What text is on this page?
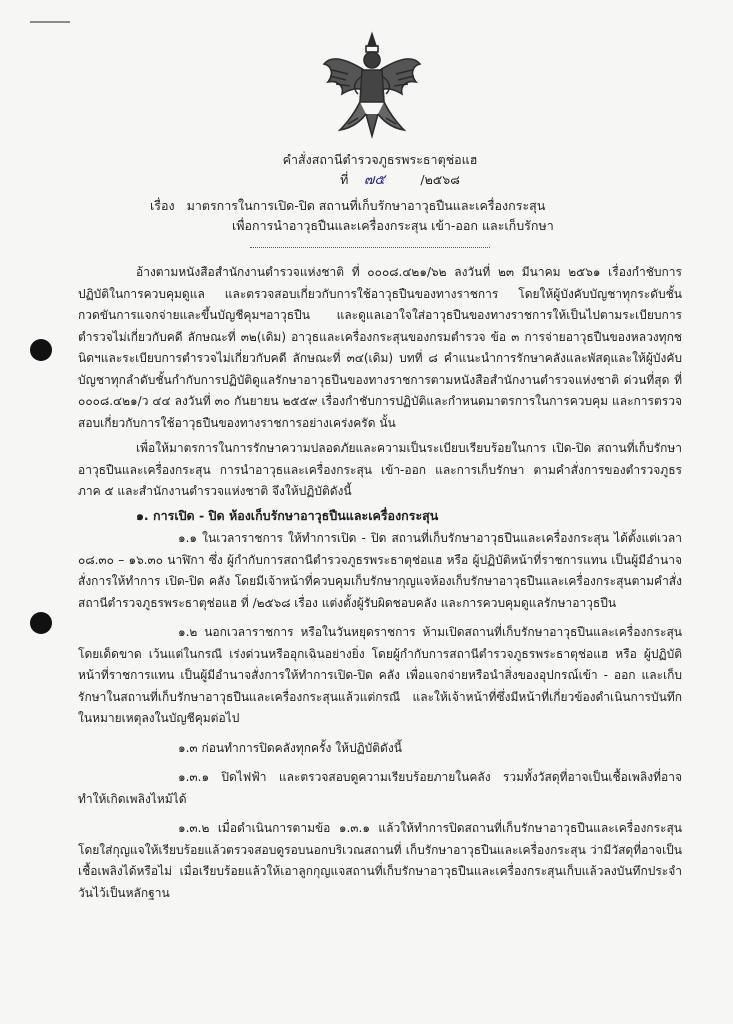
คำสั่งสถานีตำรวจภูธรพระธาตุช่อแฮ
ที่ ๗๕	/๒๕๖๘
เรื่อง มาตรการในการเปิด-ปิด สถานที่เก็บรักษาอาวุธปืนและเครื่องกระสุน
เพื่อการนำอาวุธปืนและเครื่องกระสุน เข้า-ออก และเก็บรักษา

อ้างตามหนังสือสำนักงานตำรวจแห่งชาติ ที่ ๐๐๐๘.๔๒๑/๖๒ ลงวันที่ ๒๓ มีนาคม ๒๕๖๑ เรื่องกำชับการปฏิบัติในการควบคุมดูแล และตรวจสอบเกี่ยวกับการใช้อาวุธปืนของทางราชการ โดยให้ผู้บังคับบัญชาทุกระดับชั้นกวดขันการแจกจ่ายและขึ้นบัญชีคุมฯอาวุธปืน และดูแลเอาใจใส่อาวุธปืนของทางราชการให้เป็นไปตามระเบียบการตำรวจไม่เกี่ยวกับคดี ลักษณะที่ ๓๒(เดิม) อาวุธและเครื่องกระสุนของกรมตำรวจ ข้อ ๓ การจ่ายอาวุธปืนของหลวงทุกชนิดฯและระเบียบการตำรวจไม่เกี่ยวกับคดี ลักษณะที่ ๓๔(เดิม) บทที่ ๘ คำแนะนำการรักษาคลังและพัสดุและให้ผู้บังคับบัญชาทุกลำดับชั้นกำกับการปฏิบัติดูแลรักษาอาวุธปืนของทางราชการตามหนังสือสำนักงานตำรวจแห่งชาติ ด่วนที่สุด ที่ ๐๐๐๘.๔๒๑/ว ๔๔ ลงวันที่ ๓๐ กันยายน ๒๕๕๙ เรื่องกำชับการปฏิบัติและกำหนดมาตรการในการควบคุม และการตรวจสอบเกี่ยวกับการใช้อาวุธปืนของทางราชการอย่างเคร่งครัด นั้น

เพื่อให้มาตรการในการรักษาความปลอดภัยและความเป็นระเบียบเรียบร้อยในการ เปิด-ปิด สถานที่เก็บรักษาอาวุธปืนและเครื่องกระสุน การนำอาวุธและเครื่องกระสุน เข้า-ออก และการเก็บรักษา ตามคำสั่งการของตำรวจภูธรภาค ๕ และสำนักงานตำรวจแห่งชาติ จึงให้ปฏิบัติดังนี้

๑. การเปิด - ปิด ห้องเก็บรักษาอาวุธปืนและเครื่องกระสุน

๑.๑ ในเวลาราชการ ให้ทำการเปิด - ปิด สถานที่เก็บรักษาอาวุธปืนและเครื่องกระสุน ได้ตั้งแต่เวลา ๐๘.๓๐ – ๑๖.๓๐ นาฬิกา ซึ่ง ผู้กำกับการสถานีตำรวจภูธรพระธาตุช่อแฮ หรือ ผู้ปฏิบัติหน้าที่ราชการแทน เป็นผู้มีอำนาจสั่งการให้ทำการ เปิด-ปิด คลัง โดยมีเจ้าหน้าที่ควบคุมเก็บรักษากุญแจห้องเก็บรักษาอาวุธปืนและเครื่องกระสุนตามคำสั่งสถานีตำรวจภูธรพระธาตุช่อแฮ ที่ /๒๕๖๘ เรื่อง แต่งตั้งผู้รับผิดชอบคลัง และการควบคุมดูแลรักษาอาวุธปืน

๑.๒ นอกเวลาราชการ หรือในวันหยุดราชการ ห้ามเปิดสถานที่เก็บรักษาอาวุธปืนและเครื่องกระสุนโดยเด็ดขาด เว้นแต่ในกรณี เร่งด่วนหรืออุกเฉินอย่างยิ่ง โดยผู้กำกับการสถานีตำรวจภูธรพระธาตุช่อแฮ หรือ ผู้ปฏิบัติหน้าที่ราชการแทน เป็นผู้มีอำนาจสั่งการให้ทำการเปิด-ปิด คลัง เพื่อแจกจ่ายหรือนำสิ่งของอุปกรณ์เข้า - ออก และเก็บรักษาในสถานที่เก็บรักษาอาวุธปืนและเครื่องกระสุนแล้วแต่กรณี และให้เจ้าหน้าที่ซึ่งมีหน้าที่เกี่ยวข้องดำเนินการบันทึกในหมายเหตุลงในบัญชีคุมต่อไป

๑.๓ ก่อนทำการปิดคลังทุกครั้ง ให้ปฏิบัติดังนี้

๑.๓.๑ ปิดไฟฟ้า และตรวจสอบดูความเรียบร้อยภายในคลัง รวมทั้งวัสดุที่อาจเป็นเชื้อเพลิงที่อาจทำให้เกิดเพลิงไหม้ได้

๑.๓.๒ เมื่อดำเนินการตามข้อ ๑.๓.๑ แล้วให้ทำการปิดสถานที่เก็บรักษาอาวุธปืนและเครื่องกระสุนโดยใส่กุญแจให้เรียบร้อยแล้วตรวจสอบดูรอบนอกบริเวณสถานที่ เก็บรักษาอาวุธปืนและเครื่องกระสุน ว่ามีวัสดุที่อาจเป็นเชื้อเพลิงได้หรือไม่ เมื่อเรียบร้อยแล้วให้เอาลูกกุญแจสถานที่เก็บรักษาอาวุธปืนและเครื่องกระสุนเก็บแล้วลงบันทึกประจำวันไว้เป็นหลักฐาน
